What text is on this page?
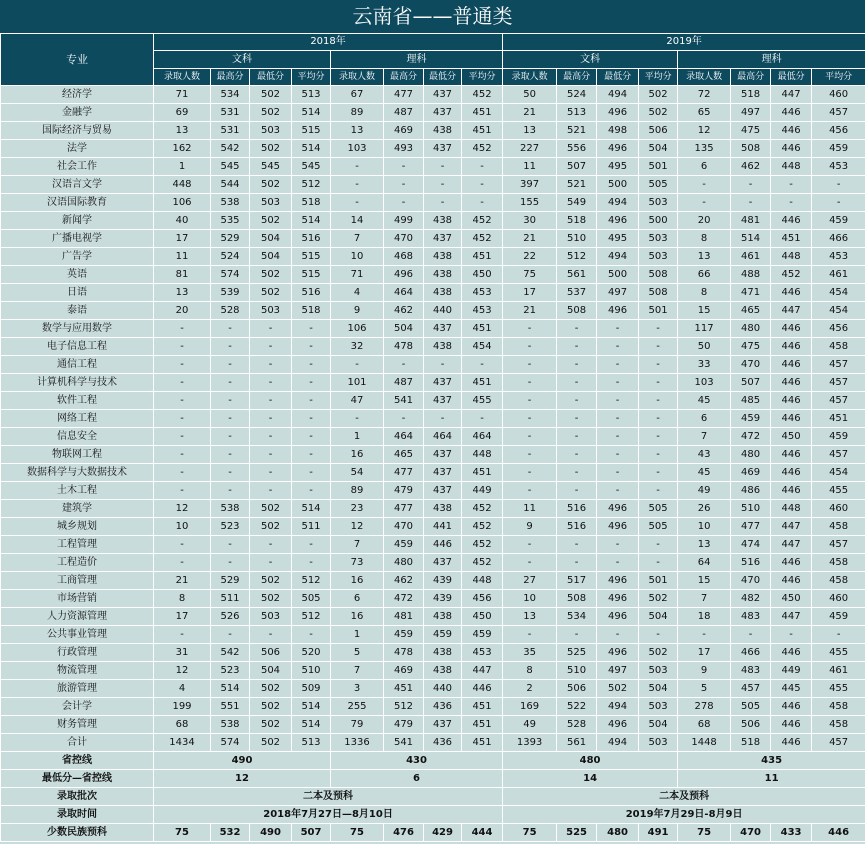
云南省——普通类
专业	2018年								2019年							
	文科				理科				文科				理科			
	录取人数	最高分	最低分	平均分	录取人数	最高分	最低分	平均分	录取人数	最高分	最低分	平均分	录取人数	最高分	最低分	平均分
经济学	71	534	502	513	67	477	437	452	50	524	494	502	72	518	447	460
金融学	69	531	502	514	89	487	437	451	21	513	496	502	65	497	446	457
国际经济与贸易	13	531	503	515	13	469	438	451	13	521	498	506	12	475	446	456
法学	162	542	502	514	103	493	437	452	227	556	496	504	135	508	446	459
社会工作	1	545	545	545	-	-	-	-	11	507	495	501	6	462	448	453
汉语言文学	448	544	502	512	-	-	-	-	397	521	500	505	-	-	-	-
汉语国际教育	106	538	503	518	-	-	-	-	155	549	494	503	-	-	-	-
新闻学	40	535	502	514	14	499	438	452	30	518	496	500	20	481	446	459
广播电视学	17	529	504	516	7	470	437	452	21	510	495	503	8	514	451	466
广告学	11	524	504	515	10	468	438	451	22	512	494	503	13	461	448	453
英语	81	574	502	515	71	496	438	450	75	561	500	508	66	488	452	461
日语	13	539	502	516	4	464	438	453	17	537	497	508	8	471	446	454
泰语	20	528	503	518	9	462	440	453	21	508	496	501	15	465	447	454
数学与应用数学	-	-	-	-	106	504	437	451	-	-	-	-	117	480	446	456
电子信息工程	-	-	-	-	32	478	438	454	-	-	-	-	50	475	446	458
通信工程	-	-	-	-	-	-	-	-	-	-	-	-	33	470	446	457
计算机科学与技术	-	-	-	-	101	487	437	451	-	-	-	-	103	507	446	457
软件工程	-	-	-	-	47	541	437	455	-	-	-	-	45	485	446	457
网络工程	-	-	-	-	-	-	-	-	-	-	-	-	6	459	446	451
信息安全	-	-	-	-	1	464	464	464	-	-	-	-	7	472	450	459
物联网工程	-	-	-	-	16	465	437	448	-	-	-	-	43	480	446	457
数据科学与大数据技术	-	-	-	-	54	477	437	451	-	-	-	-	45	469	446	454
土木工程	-	-	-	-	89	479	437	449	-	-	-	-	49	486	446	455
建筑学	12	538	502	514	23	477	438	452	11	516	496	505	26	510	448	460
城乡规划	10	523	502	511	12	470	441	452	9	516	496	505	10	477	447	458
工程管理	-	-	-	-	7	459	446	452	-	-	-	-	13	474	447	457
工程造价	-	-	-	-	73	480	437	452	-	-	-	-	64	516	446	458
工商管理	21	529	502	512	16	462	439	448	27	517	496	501	15	470	446	458
市场营销	8	511	502	505	6	472	439	456	10	508	496	502	7	482	450	460
人力资源管理	17	526	503	512	16	481	438	450	13	534	496	504	18	483	447	459
公共事业管理	-	-	-	-	1	459	459	459	-	-	-	-	-	-	-	-
行政管理	31	542	506	520	5	478	438	453	35	525	496	502	17	466	446	455
物流管理	12	523	504	510	7	469	438	447	8	510	497	503	9	483	449	461
旅游管理	4	514	502	509	3	451	440	446	2	506	502	504	5	457	445	455
会计学	199	551	502	514	255	512	436	451	169	522	494	503	278	505	446	458
财务管理	68	538	502	514	79	479	437	451	49	528	496	504	68	506	446	458
合计	1434	574	502	513	1336	541	436	451	1393	561	494	503	1448	518	446	457
省控线	490				430				480				435			
最低分—省控线	12				6				14				11			
录取批次	二本及预科								二本及预科							
录取时间	2018年7月27日—8月10日								2019年7月29日-8月9日							
少数民族预科	75	532	490	507	75	476	429	444	75	525	480	491	75	470	433	446
